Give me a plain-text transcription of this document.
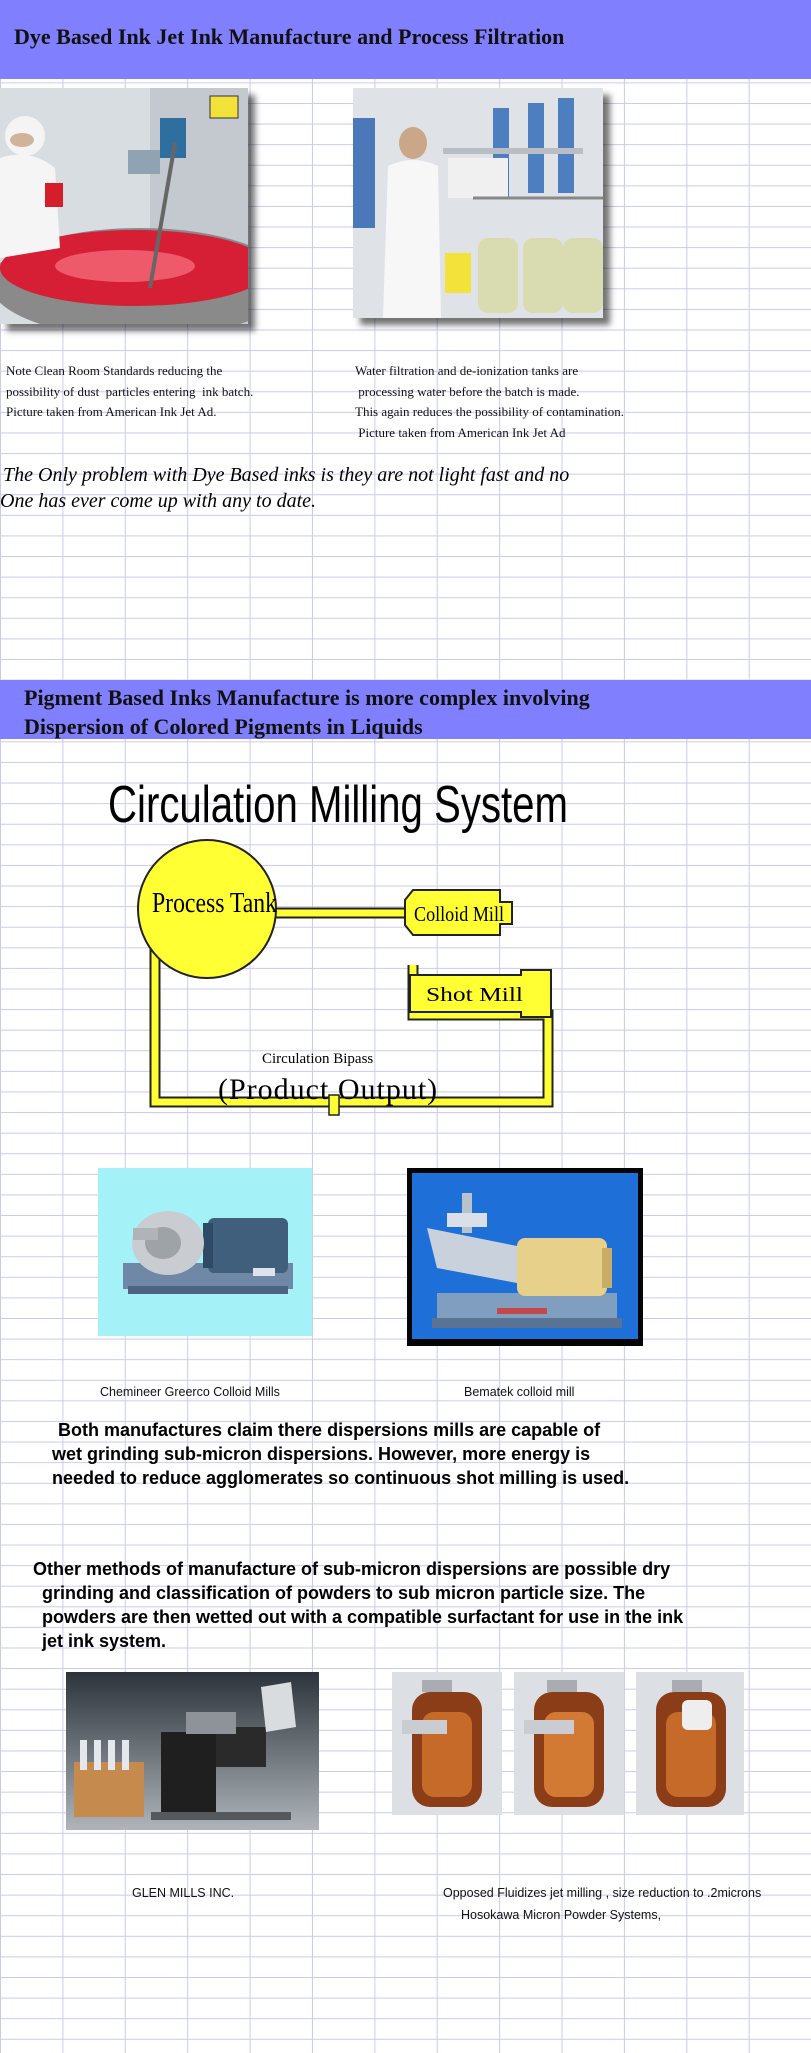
Dye Based Ink Jet Ink Manufacture and Process Filtration
Note Clean Room Standards reducing the
possibility of dust  particles entering  ink batch.
Picture taken from American Ink Jet Ad.
Water filtration and de-ionization tanks are
processing water before the batch is made.
This again reduces the possibility of contamination.
Picture taken from American Ink Jet Ad
The Only problem with Dye Based inks is they are not light fast and no
One has ever come up with any to date.
Pigment Based Inks Manufacture is more complex involving
Dispersion of Colored Pigments in Liquids
Circulation Milling System
Process Tank	Colloid Mill
Shot Mill
Circulation Bipass
(Product Output)
Chemineer Greerco Colloid Mills	Bematek colloid mill
Both manufactures claim there dispersions mills are capable of
wet grinding sub-micron dispersions. However, more energy is
needed to reduce agglomerates so continuous shot milling is used.
Other methods of manufacture of sub-micron dispersions are possible dry
grinding and classification of powders to sub micron particle size. The
powders are then wetted out with a compatible surfactant for use in the ink
jet ink system.
GLEN MILLS INC.	Opposed Fluidizes jet milling , size reduction to .2microns
Hosokawa Micron Powder Systems,
